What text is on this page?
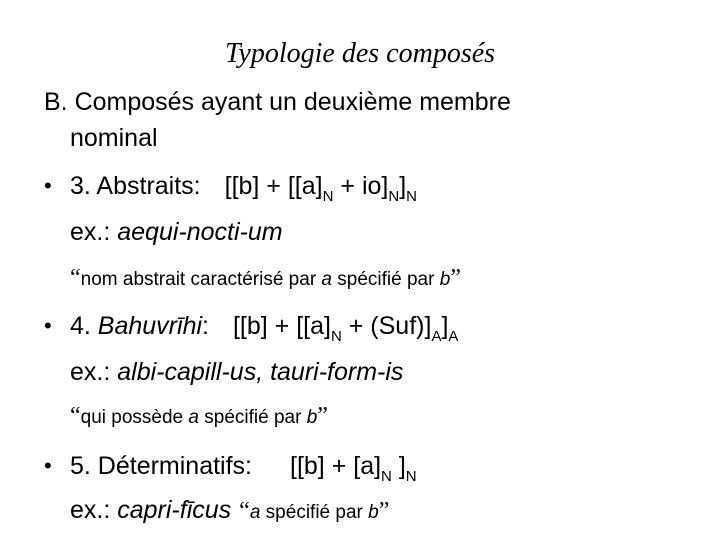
Typologie des composés
B. Composés ayant un deuxième membre
nominal
• 3. Abstraits: $[[b] + [[a]_N + io]_N]_N$
ex.: aequi-nocti-um
“nom abstrait caractérisé par a spécifié par b”
• 4. Bahuvrīhi: $[[b] + [[a]_N + (Suf)]_A]_A$
ex.: albi-capill-us, tauri-form-is
“qui possède a spécifié par b”
• 5. Déterminatifs: [$[b] + [a]_N$ ]$_N$
ex.: capri-fīcus “a spécifié par b”
